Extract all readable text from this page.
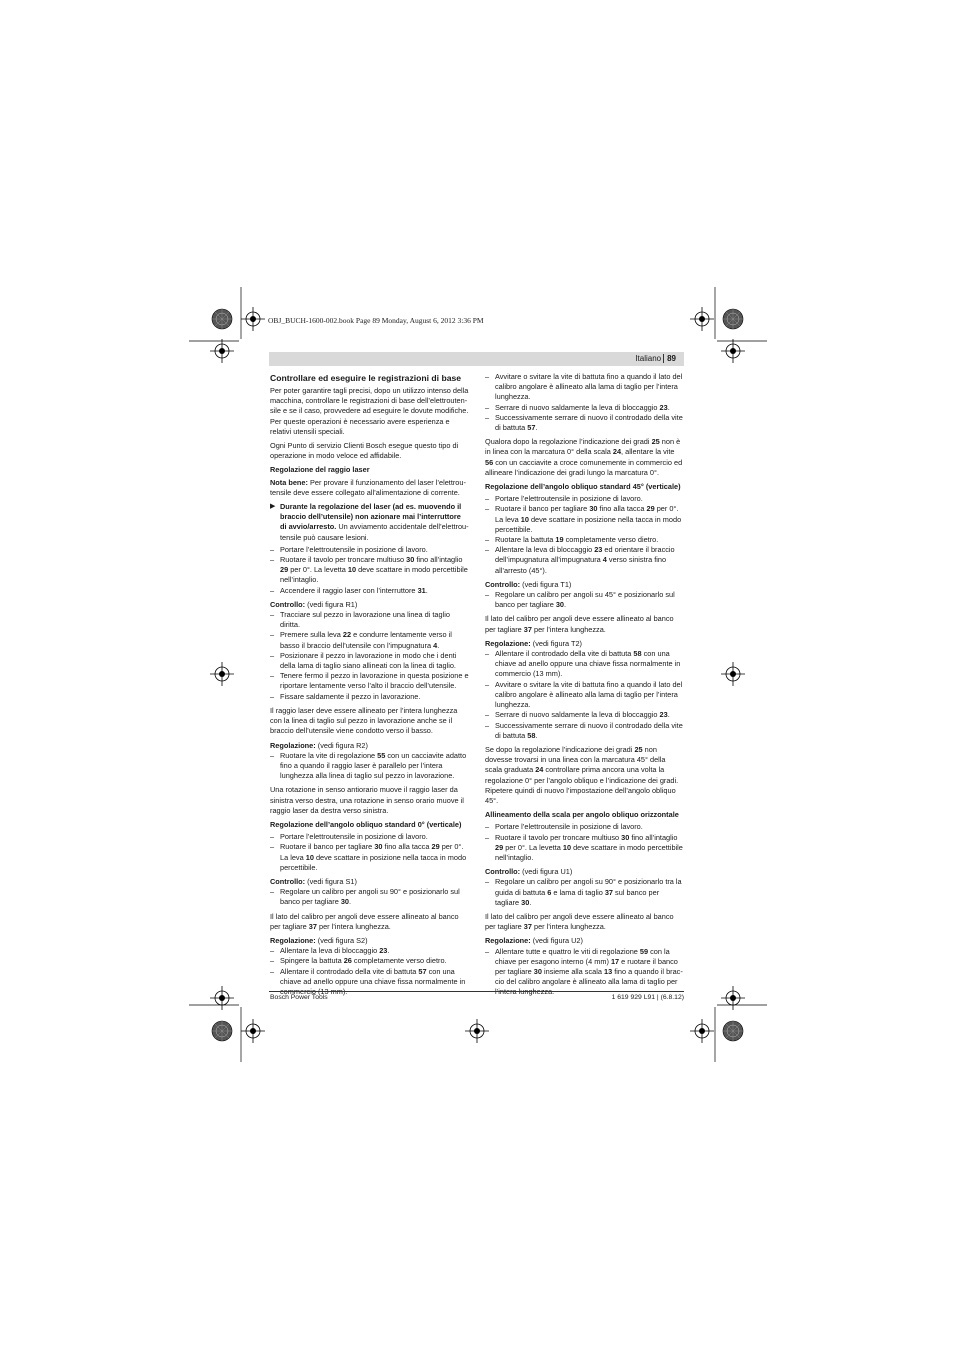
OBJ_BUCH-1600-002.book Page 89 Monday, August 6, 2012 3:36 PM
Italiano 89
Controllare ed eseguire le registrazioni di base
Per poter garantire tagli precisi, dopo un utilizzo intenso della macchina, controllare le registrazioni di base dell’elettroutensile e se il caso, provvedere ad eseguire le dovute modifiche. Per queste operazioni è necessario avere esperienza e relativi utensili speciali.
Ogni Punto di servizio Clienti Bosch esegue questo tipo di operazione in modo veloce ed affidabile.
Regolazione del raggio laser
Nota bene: Per provare il funzionamento del laser l’elettroutensile deve essere collegato all’alimentazione di corrente.
▶ Durante la regolazione del laser (ad es. muovendo il braccio dell’utensile) non azionare mai l’interruttore di avvio/arresto. Un avviamento accidentale dell’elettroutensile può causare lesioni.
– Portare l’elettroutensile in posizione di lavoro.
– Ruotare il tavolo per troncare multiuso 30 fino all’intaglio 29 per 0°. La levetta 10 deve scattare in modo percettibile nell’intaglio.
– Accendere il raggio laser con l’interruttore 31.
Controllo: (vedi figura R1)
– Tracciare sul pezzo in lavorazione una linea di taglio diritta.
– Premere sulla leva 22 e condurre lentamente verso il basso il braccio dell’utensile con l’impugnatura 4.
– Posizionare il pezzo in lavorazione in modo che i denti della lama di taglio siano allineati con la linea di taglio.
– Tenere fermo il pezzo in lavorazione in questa posizione e riportare lentamente verso l’alto il braccio dell’utensile.
– Fissare saldamente il pezzo in lavorazione.
Il raggio laser deve essere allineato per l’intera lunghezza con la linea di taglio sul pezzo in lavorazione anche se il braccio dell’utensile viene condotto verso il basso.
Regolazione: (vedi figura R2)
– Ruotare la vite di regolazione 55 con un cacciavite adatto fino a quando il raggio laser è parallelo per l’intera lunghezza alla linea di taglio sul pezzo in lavorazione.
Una rotazione in senso antiorario muove il raggio laser da sinistra verso destra, una rotazione in senso orario muove il raggio laser da destra verso sinistra.
Regolazione dell’angolo obliquo standard 0° (verticale)
– Portare l’elettroutensile in posizione di lavoro.
– Ruotare il banco per tagliare 30 fino alla tacca 29 per 0°. La leva 10 deve scattare in posizione nella tacca in modo percettibile.
Controllo: (vedi figura S1)
– Regolare un calibro per angoli su 90° e posizionarlo sul banco per tagliare 30.
Il lato del calibro per angoli deve essere allineato al banco per tagliare 37 per l’intera lunghezza.
Regolazione: (vedi figura S2)
– Allentare la leva di bloccaggio 23.
– Spingere la battuta 26 completamente verso dietro.
– Allentare il controdado della vite di battuta 57 con una chiave ad anello oppure una chiave fissa normalmente in commercio (13 mm).
– Avvitare o svitare la vite di battuta fino a quando il lato del calibro angolare è allineato alla lama di taglio per l’intera lunghezza.
– Serrare di nuovo saldamente la leva di bloccaggio 23.
– Successivamente serrare di nuovo il controdado della vite di battuta 57.
Qualora dopo la regolazione l’indicazione dei gradi 25 non è in linea con la marcatura 0° della scala 24, allentare la vite 56 con un cacciavite a croce comunemente in commercio ed allineare l’indicazione dei gradi lungo la marcatura 0°.
Regolazione dell’angolo obliquo standard 45° (verticale)
– Portare l’elettroutensile in posizione di lavoro.
– Ruotare il banco per tagliare 30 fino alla tacca 29 per 0°. La leva 10 deve scattare in posizione nella tacca in modo percettibile.
– Ruotare la battuta 19 completamente verso dietro.
– Allentare la leva di bloccaggio 23 ed orientare il braccio dell’impugnatura all’impugnatura 4 verso sinistra fino all’arresto (45°).
Controllo: (vedi figura T1)
– Regolare un calibro per angoli su 45° e posizionarlo sul banco per tagliare 30.
Il lato del calibro per angoli deve essere allineato al banco per tagliare 37 per l’intera lunghezza.
Regolazione: (vedi figura T2)
– Allentare il controdado della vite di battuta 58 con una chiave ad anello oppure una chiave fissa normalmente in commercio (13 mm).
– Avvitare o svitare la vite di battuta fino a quando il lato del calibro angolare è allineato alla lama di taglio per l’intera lunghezza.
– Serrare di nuovo saldamente la leva di bloccaggio 23.
– Successivamente serrare di nuovo il controdado della vite di battuta 58.
Se dopo la regolazione l’indicazione dei gradi 25 non dovesse trovarsi in una linea con la marcatura 45° della scala graduata 24 controllare prima ancora una volta la regolazione 0° per l’angolo obliquo e l’indicazione dei gradi. Ripetere quindi di nuovo l’impostazione dell’angolo obliquo 45°.
Allineamento della scala per angolo obliquo orizzontale
– Portare l’elettroutensile in posizione di lavoro.
– Ruotare il tavolo per troncare multiuso 30 fino all’intaglio 29 per 0°. La levetta 10 deve scattare in modo percettibile nell’intaglio.
Controllo: (vedi figura U1)
– Regolare un calibro per angoli su 90° e posizionarlo tra la guida di battuta 6 e lama di taglio 37 sul banco per tagliare 30.
Il lato del calibro per angoli deve essere allineato al banco per tagliare 37 per l’intera lunghezza.
Regolazione: (vedi figura U2)
– Allentare tutte e quattro le viti di regolazione 59 con la chiave per esagono interno (4 mm) 17 e ruotare il banco per tagliare 30 insieme alla scala 13 fino a quando il braccio del calibro angolare è allineato alla lama di taglio per l’intera lunghezza.
Bosch Power Tools	1 619 929 L91 | (6.8.12)
